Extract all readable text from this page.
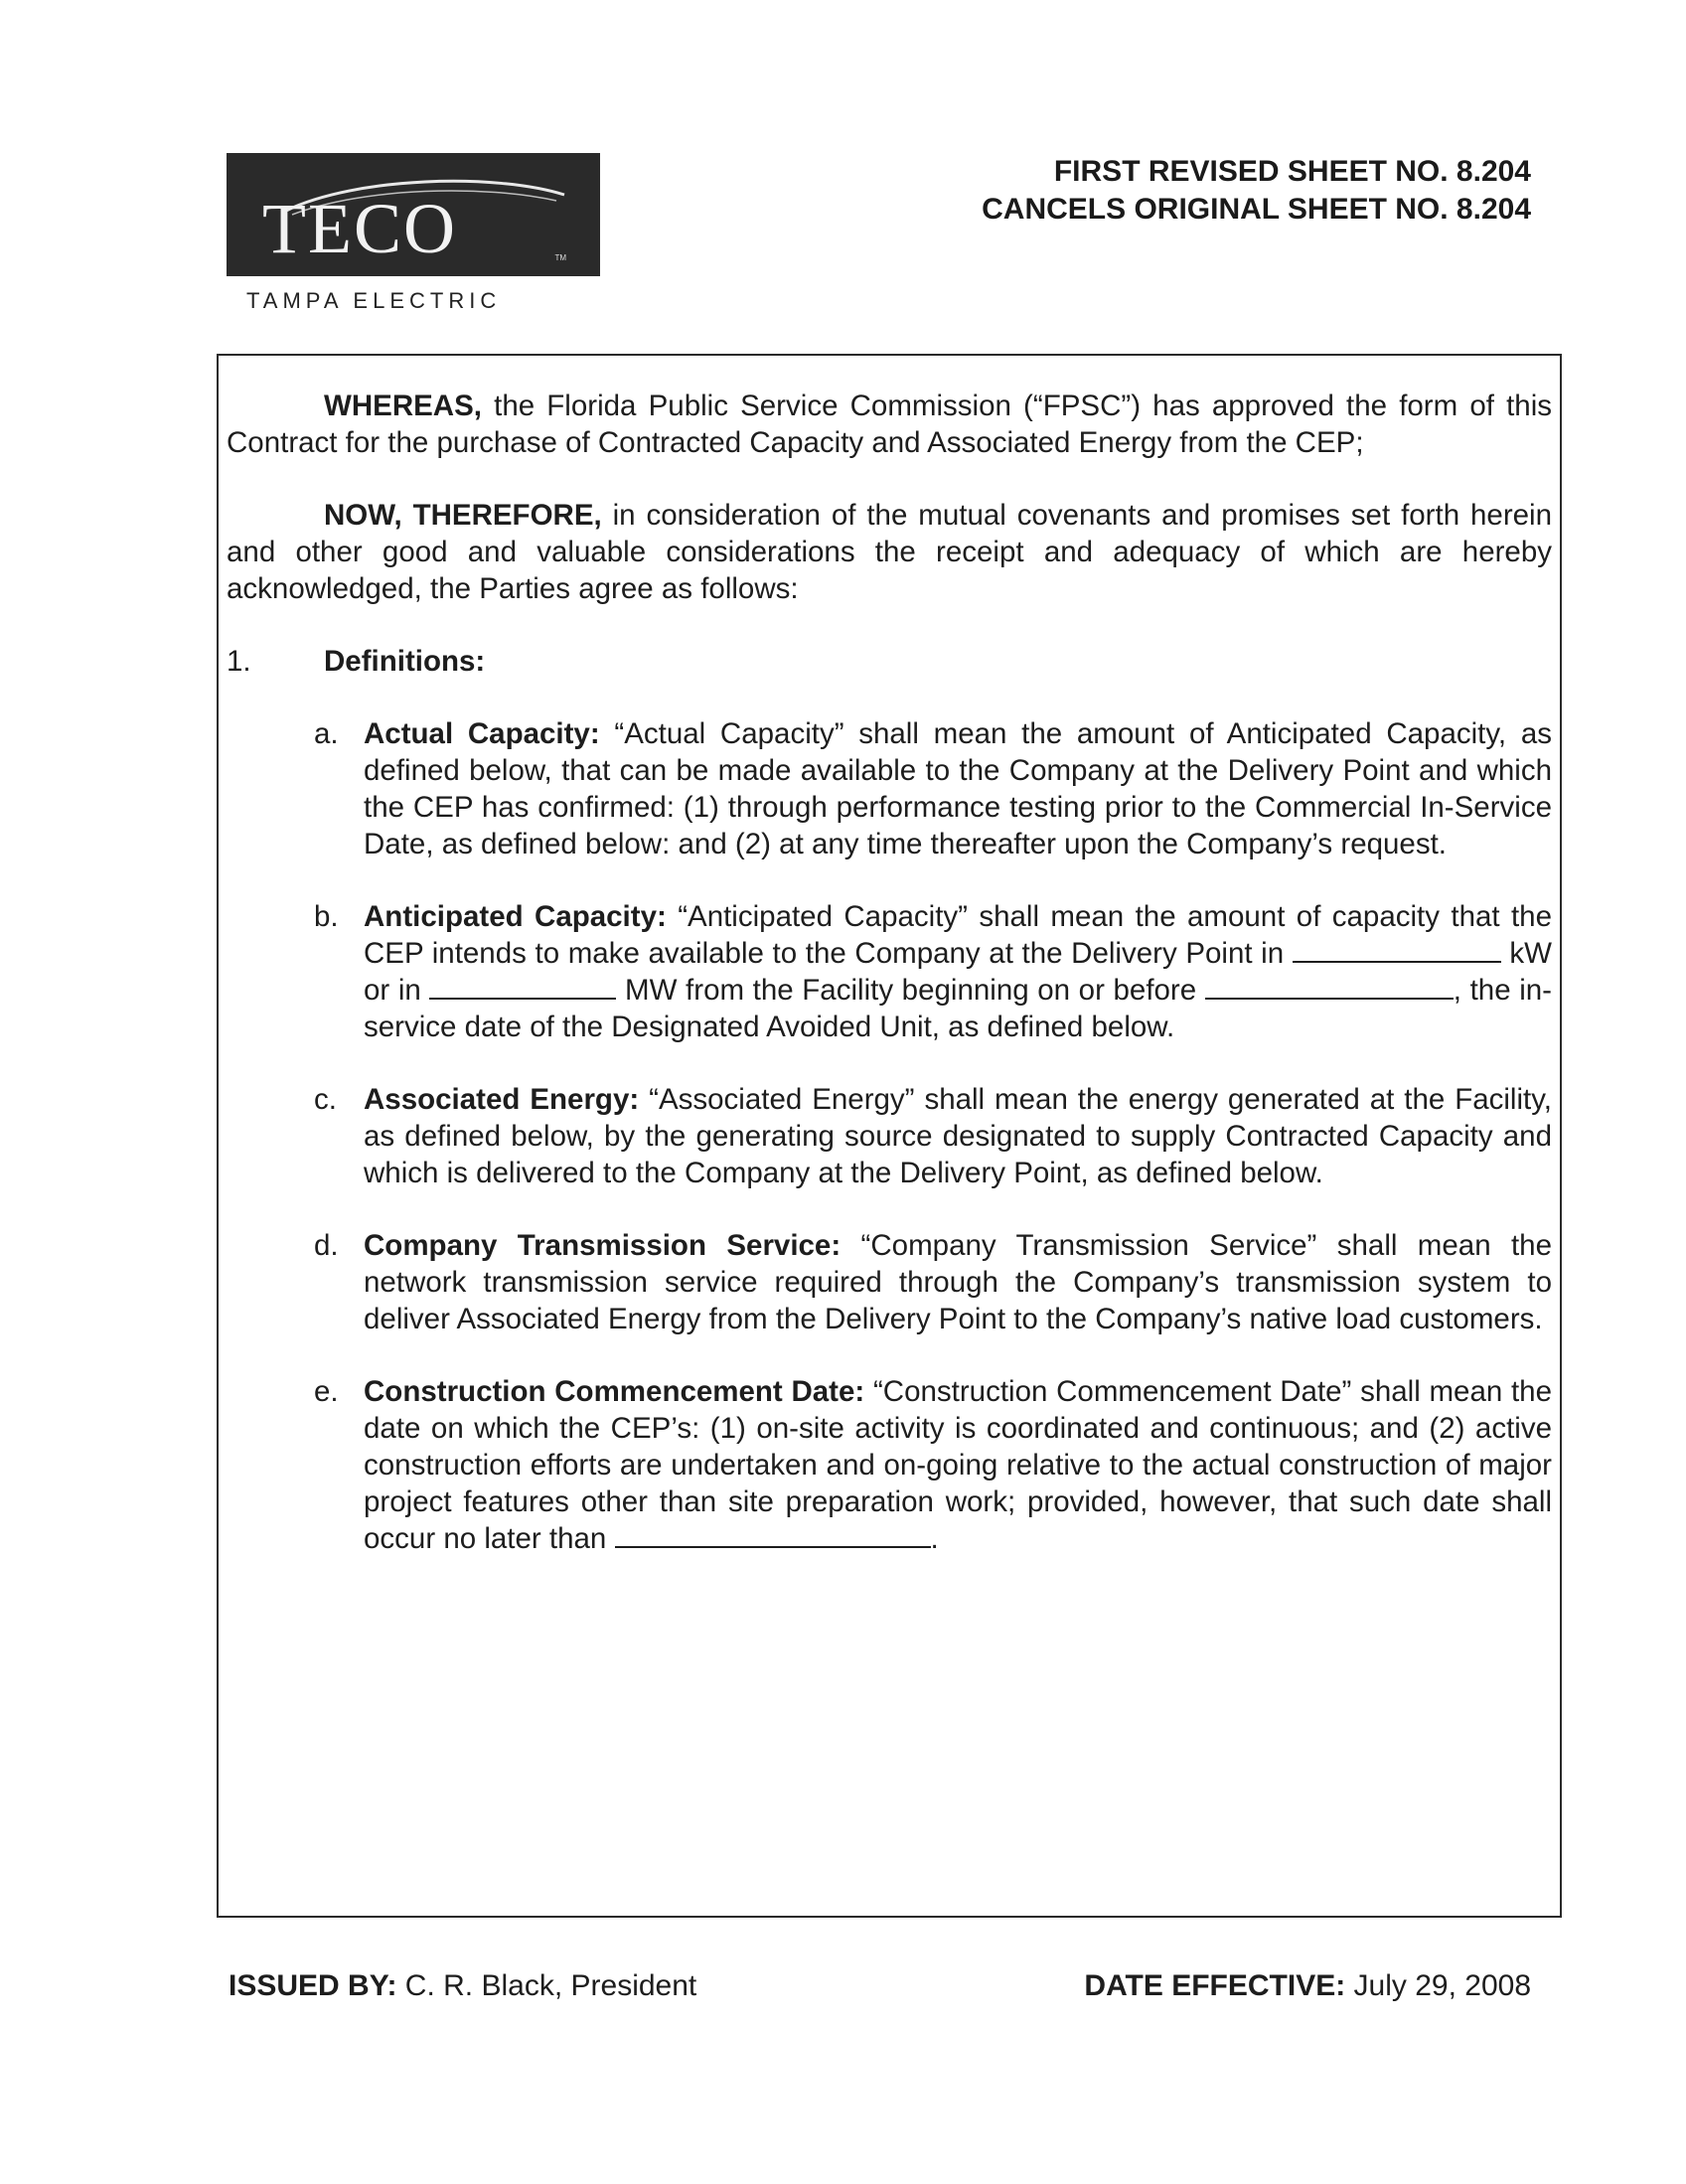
TECO	TM
TAMPA ELECTRIC
FIRST REVISED SHEET NO. 8.204
CANCELS ORIGINAL SHEET NO. 8.204

WHEREAS, the Florida Public Service Commission (“FPSC”) has approved the form of this Contract for the purchase of Contracted Capacity and Associated Energy from the CEP;

NOW, THEREFORE, in consideration of the mutual covenants and promises set forth herein and other good and valuable considerations the receipt and adequacy of which are hereby acknowledged, the Parties agree as follows:

1.	Definitions:
a. Actual Capacity: “Actual Capacity” shall mean the amount of Anticipated Capacity, as defined below, that can be made available to the Company at the Delivery Point and which the CEP has confirmed: (1) through performance testing prior to the Commercial In-Service Date, as defined below: and (2) at any time thereafter upon the Company’s request.

b. Anticipated Capacity: “Anticipated Capacity” shall mean the amount of capacity that the CEP intends to make available to the Company at the Delivery Point in	kW or in	MW from the Facility beginning on or before	, the in-service date of the Designated Avoided Unit, as defined below.

c. Associated Energy: “Associated Energy” shall mean the energy generated at the Facility, as defined below, by the generating source designated to supply Contracted Capacity and which is delivered to the Company at the Delivery Point, as defined below.

d. Company Transmission Service: “Company Transmission Service” shall mean the network transmission service required through the Company’s transmission system to deliver Associated Energy from the Delivery Point to the Company’s native load customers.

e. Construction Commencement Date: “Construction Commencement Date” shall mean the date on which the CEP’s: (1) on-site activity is coordinated and continuous; and (2) active construction efforts are undertaken and on-going relative to the actual construction of major project features other than site preparation work; provided, however, that such date shall occur no later than	.

ISSUED BY: C. R. Black, President	DATE EFFECTIVE: July 29, 2008
